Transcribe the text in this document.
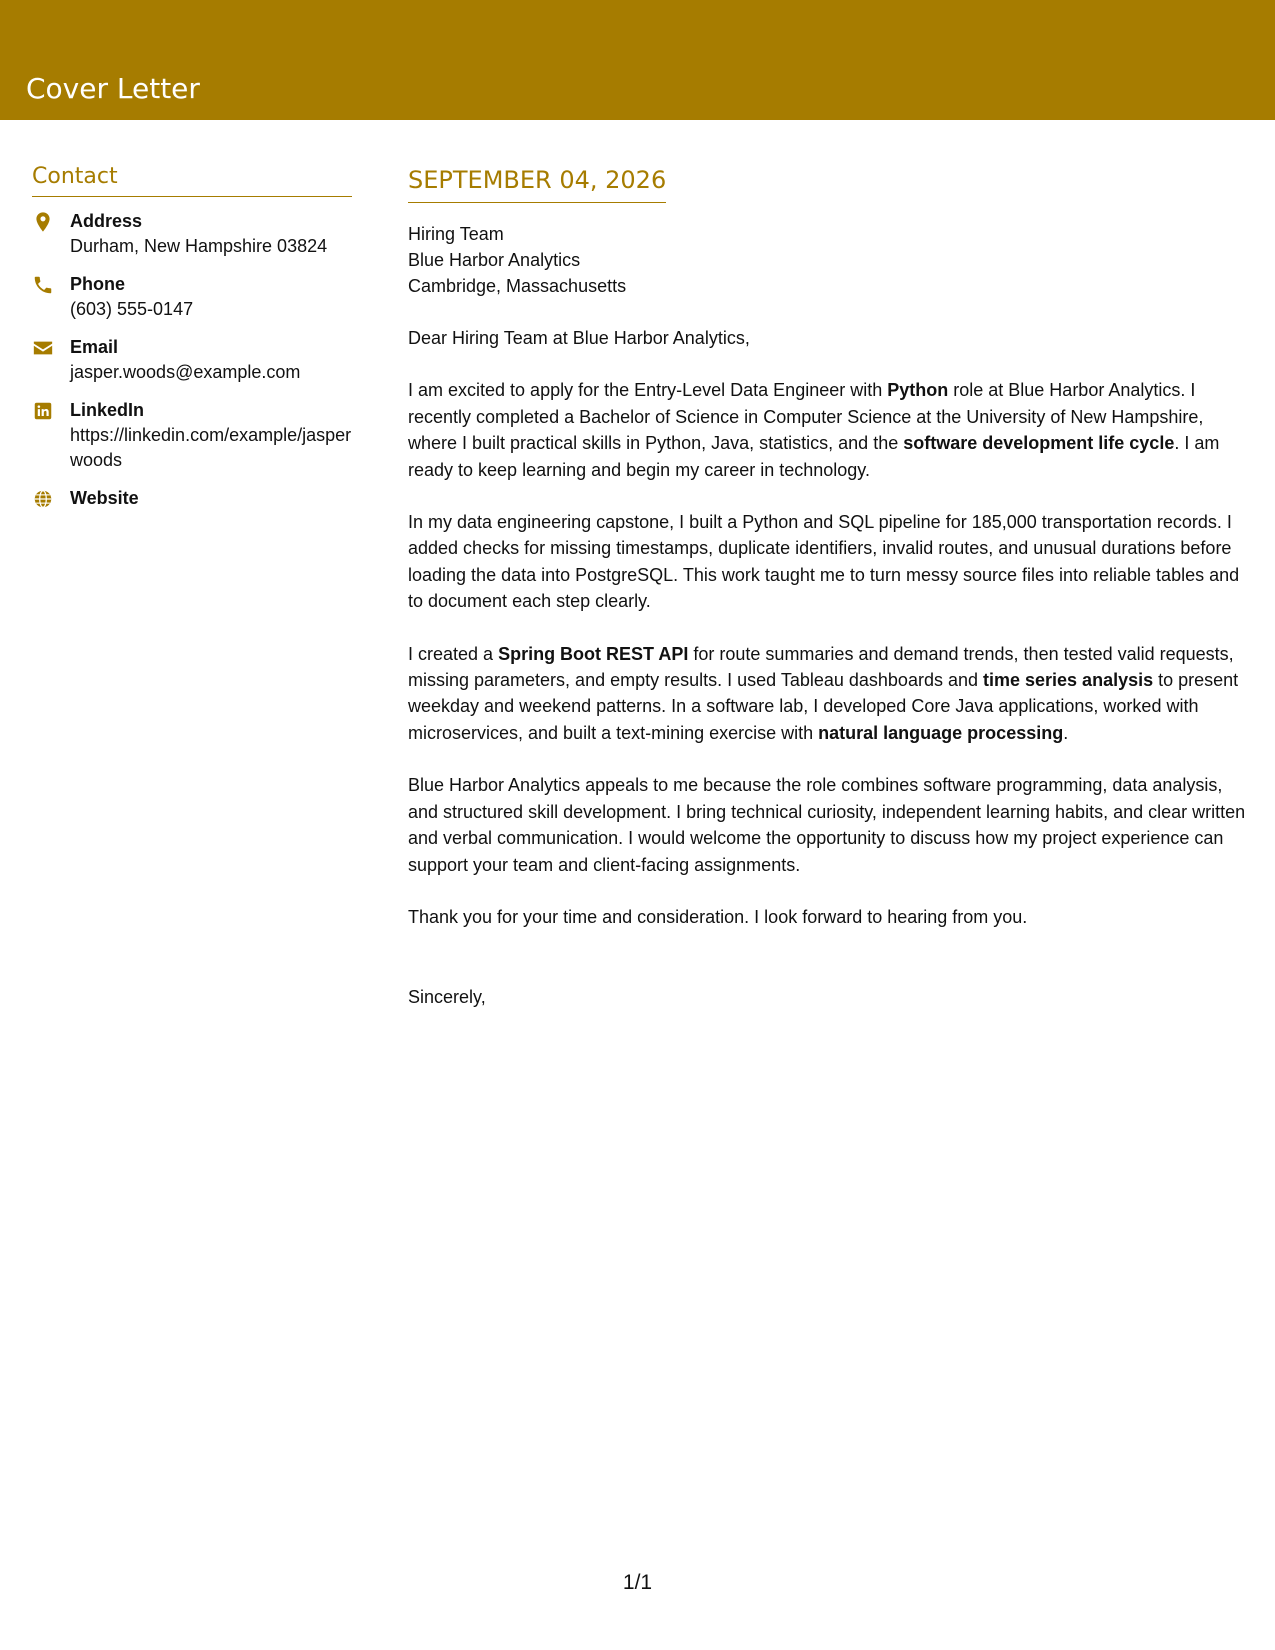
Cover Letter
Contact
Address
Durham, New Hampshire 03824
Phone
(603) 555-0147
Email
jasper.woods@example.com
LinkedIn
https://linkedin.com/example/jasperwoods
Website
SEPTEMBER 04, 2026
Hiring Team
Blue Harbor Analytics
Cambridge, Massachusetts

Dear Hiring Team at Blue Harbor Analytics,

I am excited to apply for the Entry-Level Data Engineer with Python role at Blue Harbor Analytics. I recently completed a Bachelor of Science in Computer Science at the University of New Hampshire, where I built practical skills in Python, Java, statistics, and the software development life cycle. I am ready to keep learning and begin my career in technology.

In my data engineering capstone, I built a Python and SQL pipeline for 185,000 transportation records. I added checks for missing timestamps, duplicate identifiers, invalid routes, and unusual durations before loading the data into PostgreSQL. This work taught me to turn messy source files into reliable tables and to document each step clearly.

I created a Spring Boot REST API for route summaries and demand trends, then tested valid requests, missing parameters, and empty results. I used Tableau dashboards and time series analysis to present weekday and weekend patterns. In a software lab, I developed Core Java applications, worked with microservices, and built a text-mining exercise with natural language processing.

Blue Harbor Analytics appeals to me because the role combines software programming, data analysis, and structured skill development. I bring technical curiosity, independent learning habits, and clear written and verbal communication. I would welcome the opportunity to discuss how my project experience can support your team and client-facing assignments.

Thank you for your time and consideration. I look forward to hearing from you.

Sincerely,
1/1
